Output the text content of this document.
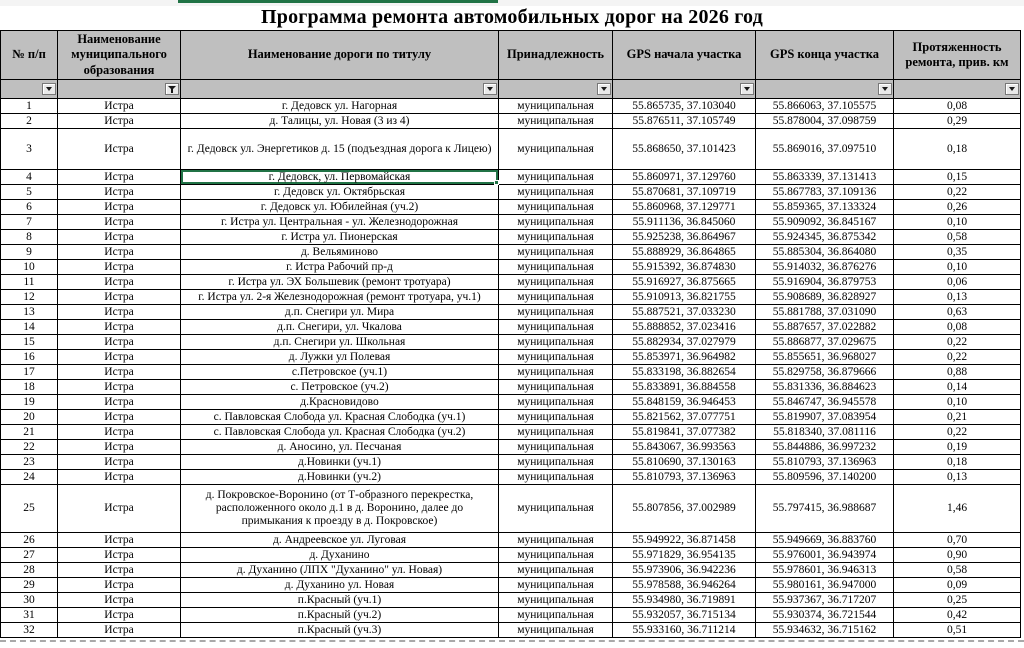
Программа ремонта автомобильных дорог на 2026 год
№ п/п	Наименование муниципального образования	Наименование дороги по титулу	Принадлежность	GPS начала участка	GPS конца участка	Протяженность ремонта, прив. км

1	Истра	г. Дедовск ул. Нагорная	муниципальная	55.865735, 37.103040	55.866063, 37.105575	0,08
2	Истра	д. Талицы, ул. Новая (3 из 4)	муниципальная	55.876511, 37.105749	55.878004, 37.098759	0,29
3	Истра	г. Дедовск ул. Энергетиков д. 15 (подъездная дорога к Лицею)	муниципальная	55.868650, 37.101423	55.869016, 37.097510	0,18
4	Истра	г. Дедовск, ул. Первомайская	муниципальная	55.860971, 37.129760	55.863339, 37.131413	0,15
5	Истра	г. Дедовск ул. Октябрьская	муниципальная	55.870681, 37.109719	55.867783, 37.109136	0,22
6	Истра	г. Дедовск ул. Юбилейная (уч.2)	муниципальная	55.860968, 37.129771	55.859365, 37.133324	0,26
7	Истра	г. Истра ул. Центральная - ул. Железнодорожная	муниципальная	55.911136, 36.845060	55.909092, 36.845167	0,10
8	Истра	г. Истра ул. Пионерская	муниципальная	55.925238, 36.864967	55.924345, 36.875342	0,58
9	Истра	д. Вельяминово	муниципальная	55.888929, 36.864865	55.885304, 36.864080	0,35
10	Истра	г. Истра Рабочий пр-д	муниципальная	55.915392, 36.874830	55.914032, 36.876276	0,10
11	Истра	г. Истра ул. ЭХ Большевик (ремонт тротуара)	муниципальная	55.916927, 36.875665	55.916904, 36.879753	0,06
12	Истра	г. Истра ул. 2-я Железнодорожная (ремонт тротуара, уч.1)	муниципальная	55.910913, 36.821755	55.908689, 36.828927	0,13
13	Истра	д.п. Снегири ул. Мира	муниципальная	55.887521, 37.033230	55.881788, 37.031090	0,63
14	Истра	д.п. Снегири, ул. Чкалова	муниципальная	55.888852, 37.023416	55.887657, 37.022882	0,08
15	Истра	д.п. Снегири ул. Школьная	муниципальная	55.882934, 37.027979	55.886877, 37.029675	0,22
16	Истра	д. Лужки ул Полевая	муниципальная	55.853971, 36.964982	55.855651, 36.968027	0,22
17	Истра	с.Петровское (уч.1)	муниципальная	55.833198, 36.882654	55.829758, 36.879666	0,88
18	Истра	с. Петровское (уч.2)	муниципальная	55.833891, 36.884558	55.831336, 36.884623	0,14
19	Истра	д.Красновидово	муниципальная	55.848159, 36.946453	55.846747, 36.945578	0,10
20	Истра	с. Павловская Слобода ул. Красная Слободка (уч.1)	муниципальная	55.821562, 37.077751	55.819907, 37.083954	0,21
21	Истра	с. Павловская Слобода ул. Красная Слободка (уч.2)	муниципальная	55.819841, 37.077382	55.818340, 37.081116	0,22
22	Истра	д. Аносино, ул. Песчаная	муниципальная	55.843067, 36.993563	55.844886, 36.997232	0,19
23	Истра	д.Новинки (уч.1)	муниципальная	55.810690, 37.130163	55.810793, 37.136963	0,18
24	Истра	д.Новинки (уч.2)	муниципальная	55.810793, 37.136963	55.809596, 37.140200	0,13
25	Истра	д. Покровское-Воронино (от Т-образного перекрестка, расположенного около д.1 в д. Воронино, далее до примыкания к проезду в д. Покровское)	муниципальная	55.807856, 37.002989	55.797415, 36.988687	1,46
26	Истра	д. Андреевское ул. Луговая	муниципальная	55.949922, 36.871458	55.949669, 36.883760	0,70
27	Истра	д. Духанино	муниципальная	55.971829, 36.954135	55.976001, 36.943974	0,90
28	Истра	д. Духанино (ЛПХ "Духанино" ул. Новая)	муниципальная	55.973906, 36.942236	55.978601, 36.946313	0,58
29	Истра	д. Духанино ул. Новая	муниципальная	55.978588, 36.946264	55.980161, 36.947000	0,09
30	Истра	п.Красный (уч.1)	муниципальная	55.934980, 36.719891	55.937367, 36.717207	0,25
31	Истра	п.Красный (уч.2)	муниципальная	55.932057, 36.715134	55.930374, 36.721544	0,42
32	Истра	п.Красный (уч.3)	муниципальная	55.933160, 36.711214	55.934632, 36.715162	0,51
